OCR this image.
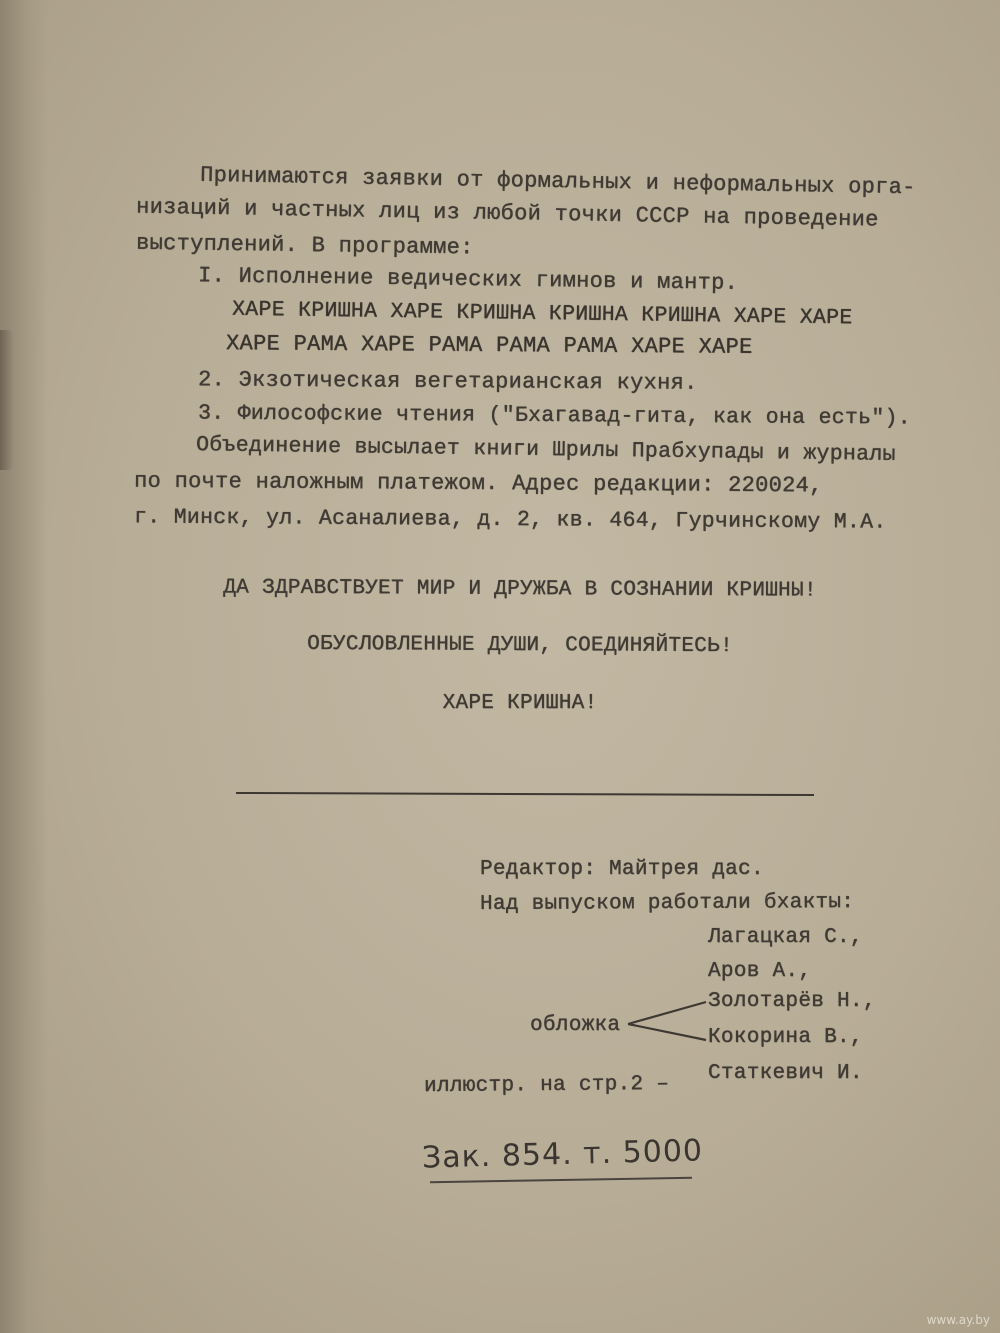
Принимаются заявки от формальных и неформальных орга-

низаций и частных лиц из любой точки СССР на проведение

выступлений. В программе:

I. Исполнение ведических гимнов и мантр.

ХАРЕ КРИШНА ХАРЕ КРИШНА КРИШНА КРИШНА ХАРЕ ХАРЕ

ХАРЕ РАМА ХАРЕ РАМА РАМА РАМА ХАРЕ ХАРЕ

2. Экзотическая вегетарианская кухня.

3. Философские чтения ("Бхагавад-гита, как она есть").

Объединение высылает книги Шрилы Прабхупады и журналы

по почте наложным платежом. Адрес редакции: 220024,

г. Минск, ул. Асаналиева, д. 2, кв. 464, Гурчинскому М.А.

ДА ЗДРАВСТВУЕТ МИР И ДРУЖБА В СОЗНАНИИ КРИШНЫ!

ОБУСЛОВЛЕННЫЕ ДУШИ, СОЕДИНЯЙТЕСЬ!

ХАРЕ КРИШНА!

Редактор: Майтрея дас.

Над выпуском работали бхакты:

Лагацкая С.,

Аров А.,

Золотарёв Н.,

обложка

Кокорина В.,

иллюстр. на стр.2 – Статкевич И.

Зак. 854. т. 5000

www.ay.by
